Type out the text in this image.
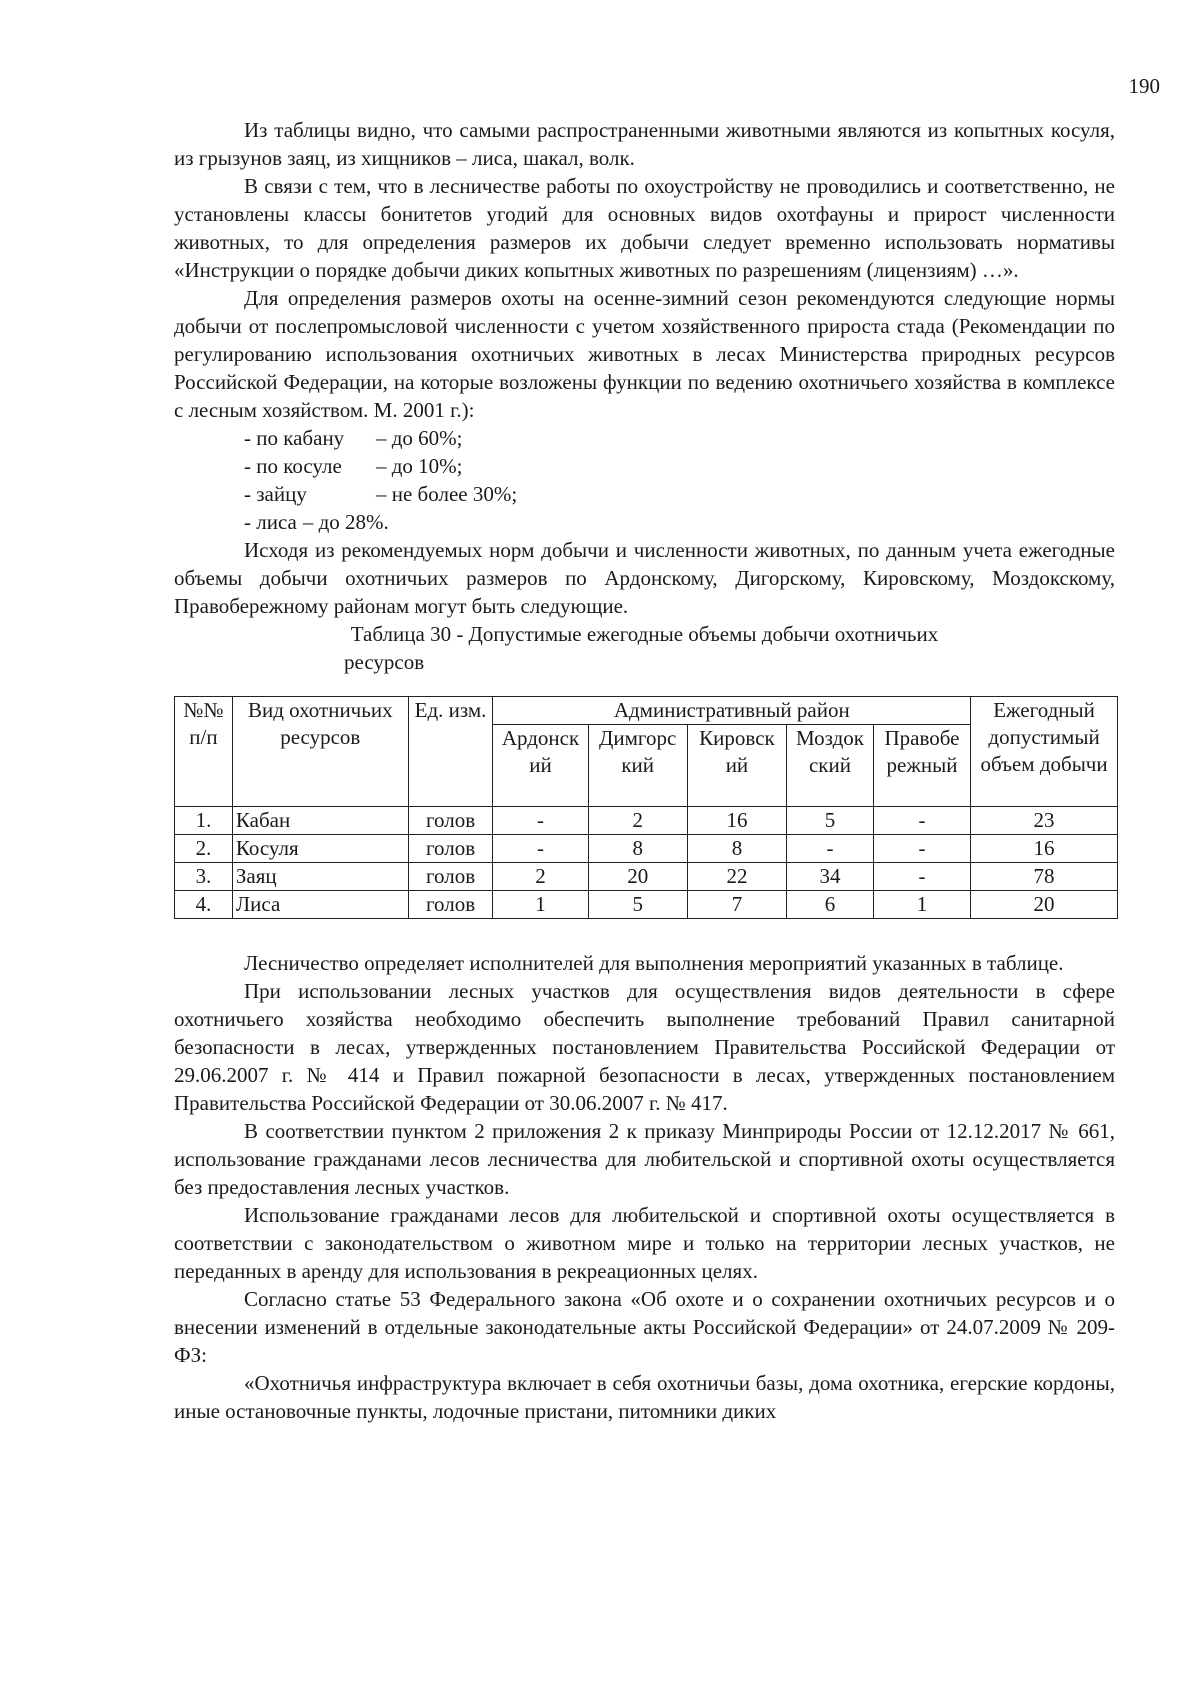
190

Из таблицы видно, что самыми распространенными животными являются из копытных косуля, из грызунов заяц, из хищников – лиса, шакал, волк.

В связи с тем, что в лесничестве работы по охоустройству не проводились и соответственно, не установлены классы бонитетов угодий для основных видов охотфауны и прирост численности животных, то для определения размеров их добычи следует временно использовать нормативы «Инструкции о порядке добычи диких копытных животных по разрешениям (лицензиям) …».

Для определения размеров охоты на осенне-зимний сезон рекомендуются следующие нормы добычи от послепромысловой численности с учетом хозяйственного прироста стада (Рекомендации по регулированию использования охотничьих животных в лесах Министерства природных ресурсов Российской Федерации, на которые возложены функции по ведению охотничьего хозяйства в комплексе с лесным хозяйством. М. 2001 г.):

- по кабану – до 60%;
- по косуле – до 10%;
- зайцу	– не более 30%;
- лиса – до 28%.

Исходя из рекомендуемых норм добычи и численности животных, по данным учета ежегодные объемы добычи охотничьих размеров по Ардонскому, Дигорскому, Кировскому, Моздокскому, Правобережному районам могут быть следующие.

Таблица 30 - Допустимые ежегодные объемы добычи охотничьих ресурсов

№№ п/п	Вид охотничьих ресурсов	Ед. изм.	Административный район					Ежегодный допустимый объем добычи
			Ардонск ий	Димгорс кий	Кировск ий	Моздок ский	Правобе режный	
1.	Кабан	голов	-	2	16	5	-	23
2.	Косуля	голов	-	8	8	-	-	16
3.	Заяц	голов	2	20	22	34	-	78
4.	Лиса	голов	1	5	7	6	1	20

Лесничество определяет исполнителей для выполнения мероприятий указанных в таблице.

При использовании лесных участков для осуществления видов деятельности в сфере охотничьего хозяйства необходимо обеспечить выполнение требований Правил санитарной безопасности в лесах, утвержденных постановлением Правительства Российской Федерации от 29.06.2007 г. № 414 и Правил пожарной безопасности в лесах, утвержденных постановлением Правительства Российской Федерации от 30.06.2007 г. № 417.

В соответствии пунктом 2 приложения 2 к приказу Минприроды России от 12.12.2017 № 661, использование гражданами лесов лесничества для любительской и спортивной охоты осуществляется без предоставления лесных участков.

Использование гражданами лесов для любительской и спортивной охоты осуществляется в соответствии с законодательством о животном мире и только на территории лесных участков, не переданных в аренду для использования в рекреационных целях.

Согласно статье 53 Федерального закона «Об охоте и о сохранении охотничьих ресурсов и о внесении изменений в отдельные законодательные акты Российской Федерации» от 24.07.2009 № 209-ФЗ:

«Охотничья инфраструктура включает в себя охотничьи базы, дома охотника, егерские кордоны, иные остановочные пункты, лодочные пристани, питомники диких
